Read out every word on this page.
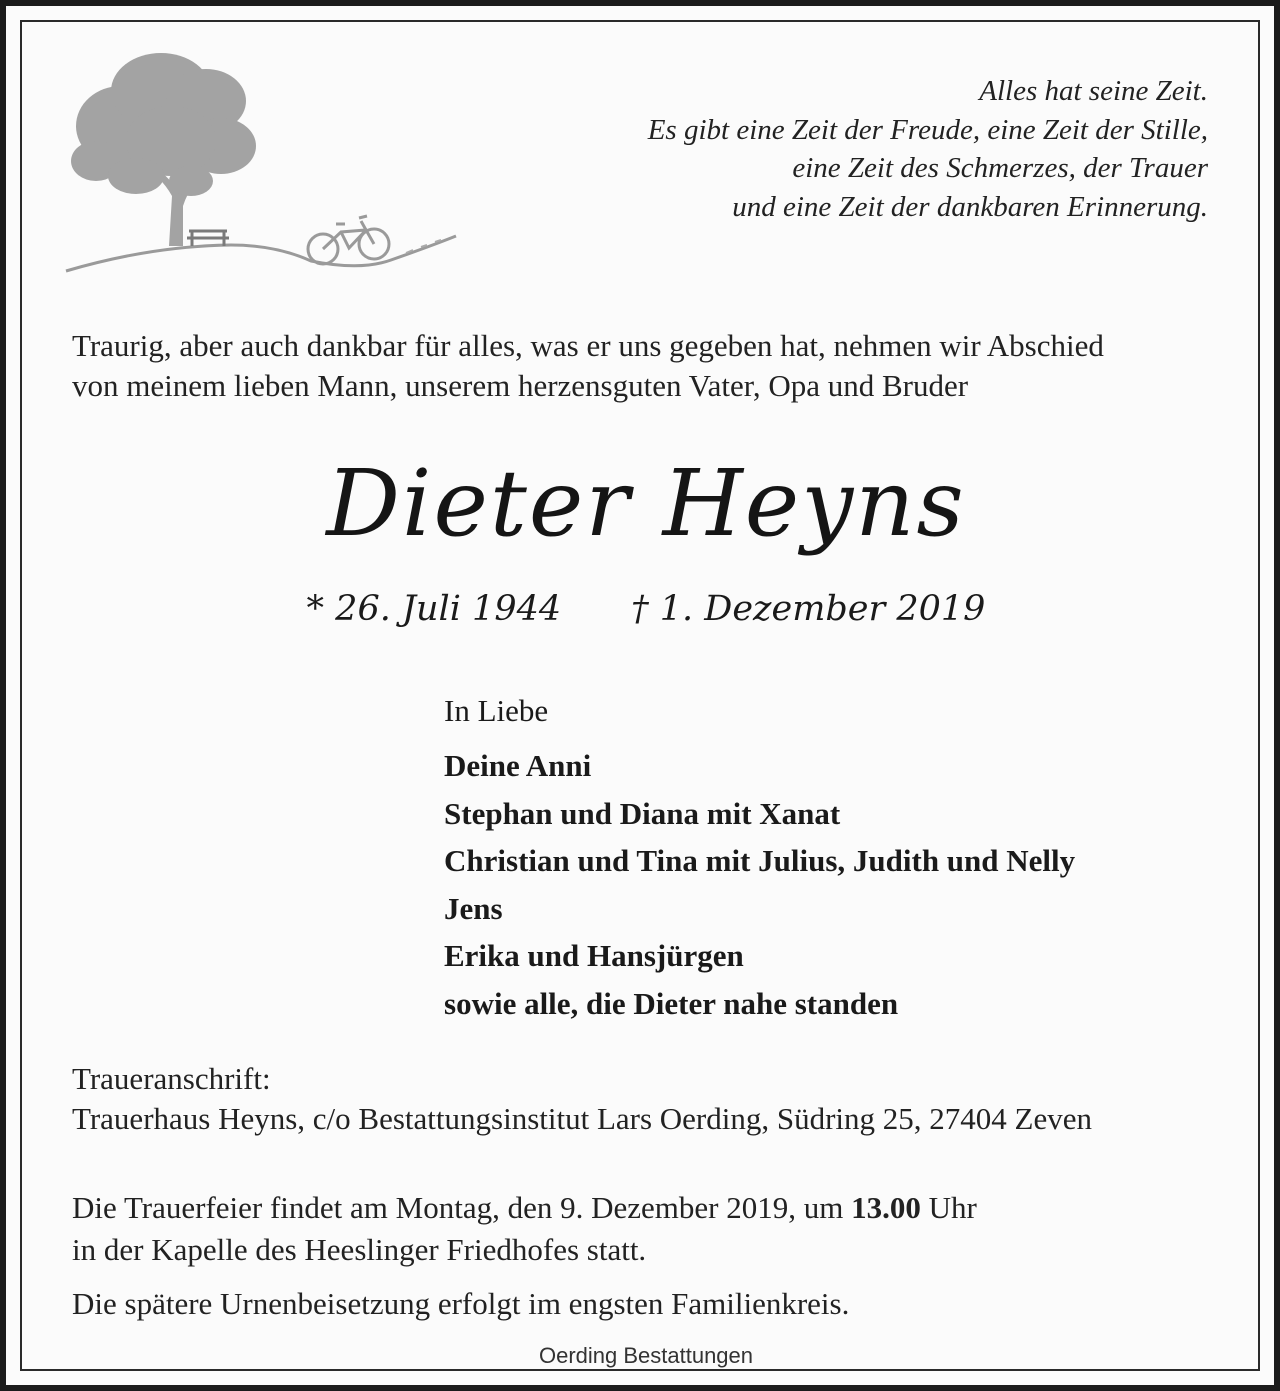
Alles hat seine Zeit.
Es gibt eine Zeit der Freude, eine Zeit der Stille,
eine Zeit des Schmerzes, der Trauer
und eine Zeit der dankbaren Erinnerung.
Traurig, aber auch dankbar für alles, was er uns gegeben hat, nehmen wir Abschied
von meinem lieben Mann, unserem herzensguten Vater, Opa und Bruder
Dieter Heyns
* 26. Juli 1944 † 1. Dezember 2019
In Liebe
Deine Anni
Stephan und Diana mit Xanat
Christian und Tina mit Julius, Judith und Nelly
Jens
Erika und Hansjürgen
sowie alle, die Dieter nahe standen
Traueranschrift:
Trauerhaus Heyns, c/o Bestattungsinstitut Lars Oerding, Südring 25, 27404 Zeven
Die Trauerfeier findet am Montag, den 9. Dezember 2019, um 13.00 Uhr
in der Kapelle des Heeslinger Friedhofes statt.
Die spätere Urnenbeisetzung erfolgt im engsten Familienkreis.
Oerding Bestattungen
